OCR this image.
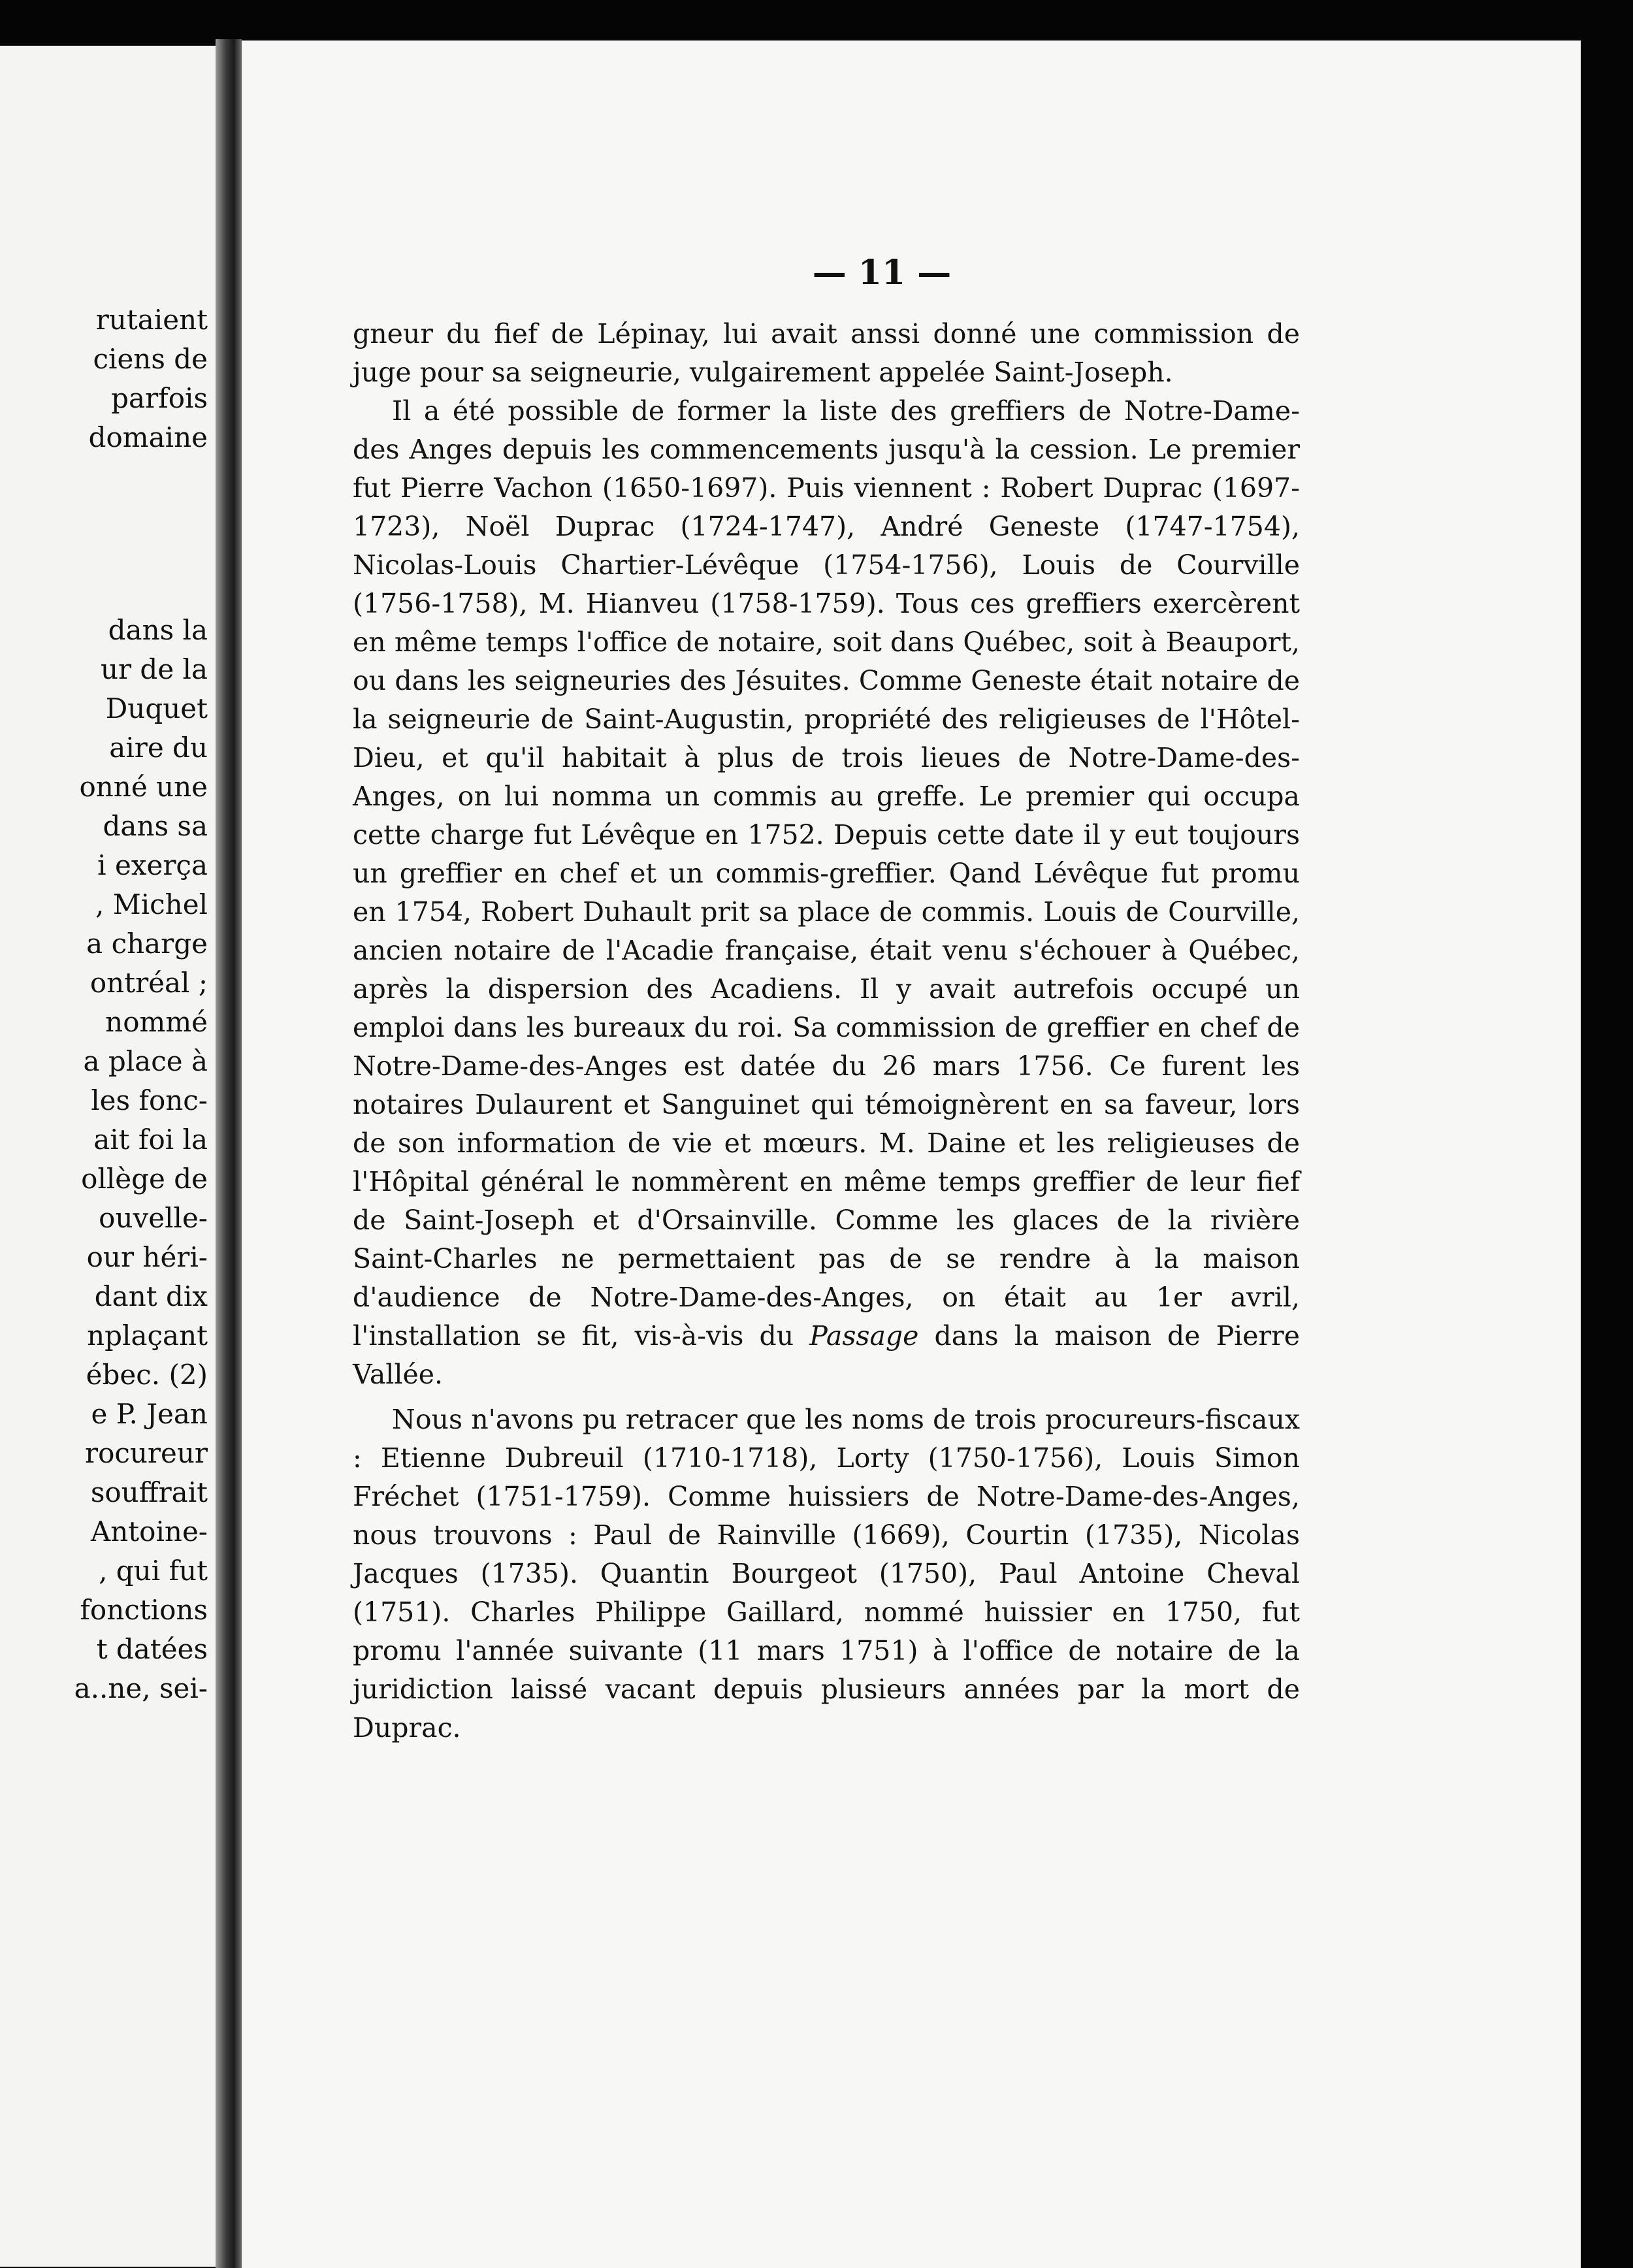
rutaient
ciens de
parfois
domaine
dans la
ur de la
Duquet
aire du
onné une
dans sa
i exerça
, Michel
a charge
ontréal ;
nommé
a place à
les fonc-
ait foi la
ollège de
ouvelle-
our héri-
dant dix
nplaçant
ébec. (2)
e P. Jean
rocureur
souffrait
Antoine-
, qui fut
fonctions
t datées
a..ne, sei-
— 11 —

gneur du fief de Lépinay, lui avait anssi donné une commission de juge pour sa seigneurie, vulgairement appelée Saint-Joseph.

Il a été possible de former la liste des greffiers de Notre-Dame-des Anges depuis les commencements jusqu'à la cession. Le premier fut Pierre Vachon (1650-1697). Puis viennent : Robert Duprac (1697-1723), Noël Duprac (1724-1747), André Geneste (1747-1754), Nicolas-Louis Chartier-Lévêque (1754-1756), Louis de Courville (1756-1758), M. Hianveu (1758-1759). Tous ces greffiers exercèrent en même temps l'office de notaire, soit dans Québec, soit à Beauport, ou dans les seigneuries des Jésuites. Comme Geneste était notaire de la seigneurie de Saint-Augustin, propriété des religieuses de l'Hôtel-Dieu, et qu'il habitait à plus de trois lieues de Notre-Dame-des-Anges, on lui nomma un commis au greffe. Le premier qui occupa cette charge fut Lévêque en 1752. Depuis cette date il y eut toujours un greffier en chef et un commis-greffier. Qand Lévêque fut promu en 1754, Robert Duhault prit sa place de commis. Louis de Courville, ancien notaire de l'Acadie française, était venu s'échouer à Québec, après la dispersion des Acadiens. Il y avait autrefois occupé un emploi dans les bureaux du roi. Sa commission de greffier en chef de Notre-Dame-des-Anges est datée du 26 mars 1756. Ce furent les notaires Dulaurent et Sanguinet qui témoignèrent en sa faveur, lors de son information de vie et mœurs. M. Daine et les religieuses de l'Hôpital général le nommèrent en même temps greffier de leur fief de Saint-Joseph et d'Orsainville. Comme les glaces de la rivière Saint-Charles ne permettaient pas de se rendre à la maison d'audience de Notre-Dame-des-Anges, on était au 1er avril, l'installation se fit, vis-à-vis du Passage dans la maison de Pierre Vallée.

Nous n'avons pu retracer que les noms de trois procureurs-fiscaux : Etienne Dubreuil (1710-1718), Lorty (1750-1756), Louis Simon Fréchet (1751-1759). Comme huissiers de Notre-Dame-des-Anges, nous trouvons : Paul de Rainville (1669), Courtin (1735), Nicolas Jacques (1735). Quantin Bourgeot (1750), Paul Antoine Cheval (1751). Charles Philippe Gaillard, nommé huissier en 1750, fut promu l'année suivante (11 mars 1751) à l'office de notaire de la juridiction laissé vacant depuis plusieurs années par la mort de Duprac.
